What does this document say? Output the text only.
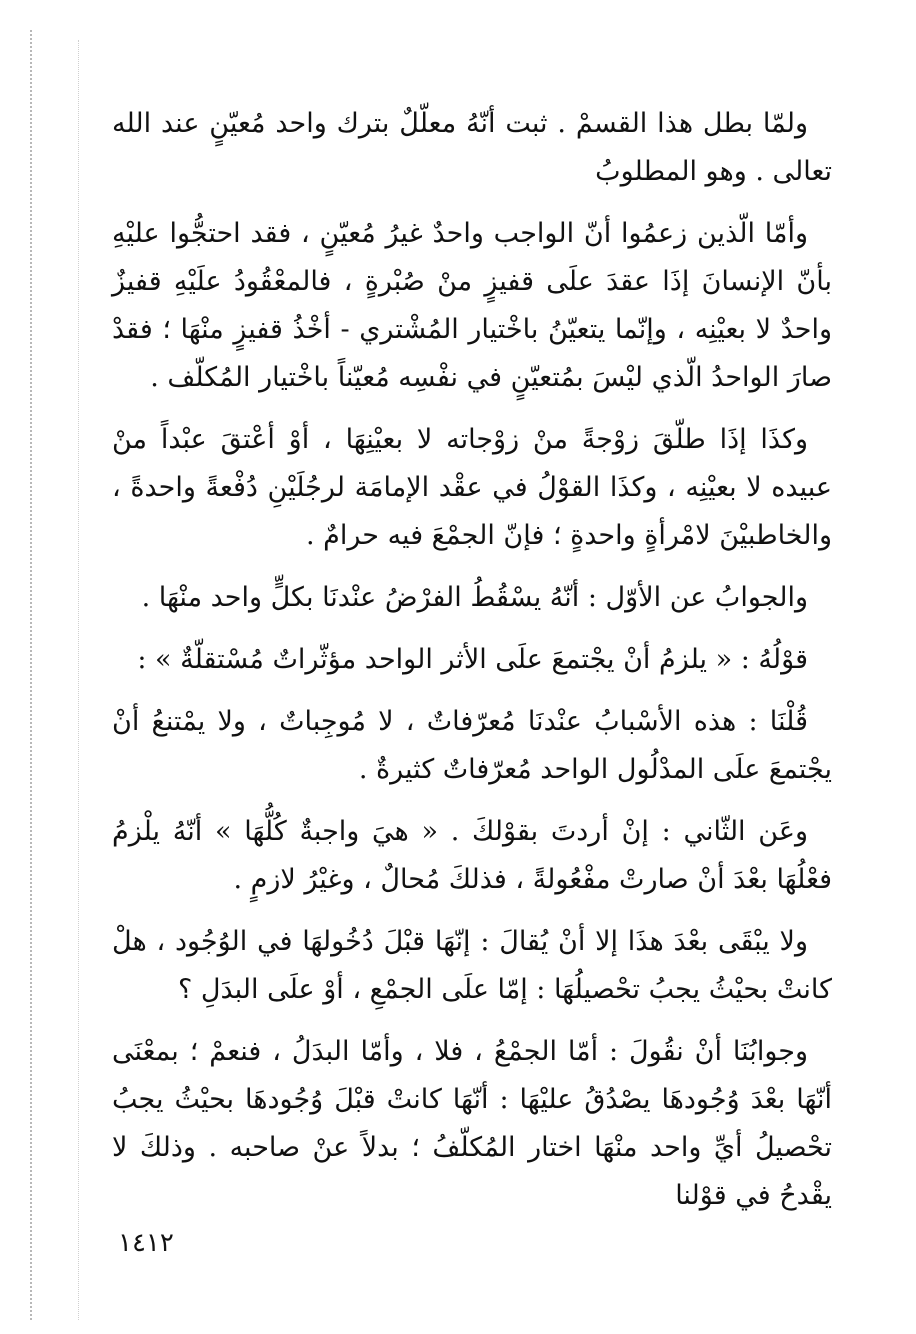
ولمّا بطل هذا القسمْ . ثبت أنّهُ معلّلٌ بترك واحد مُعيّنٍ عند الله تعالى . وهو المطلوبُ

وأمّا الّذين زعمُوا أنّ الواجب واحدٌ غيرُ مُعيّنٍ ، فقد احتجُّوا عليْهِ بأنّ الإنسانَ إذَا عقدَ علَى قفيزٍ منْ صُبْرةٍ ، فالمعْقُودُ علَيْهِ قفيزٌ واحدٌ لا بعيْنِه ، وإنّما يتعيّنُ باخْتيار المُشْتري - أخْذُ قفيزٍ منْهَا ؛ فقدْ صارَ الواحدُ الّذي ليْسَ بمُتعيّنٍ في نفْسِه مُعيّناً باخْتيار المُكلّف .

وكذَا إذَا طلّقَ زوْجةً منْ زوْجاته لا بعيْنِهَا ، أوْ أعْتقَ عبْداً منْ عبيده لا بعيْنِه ، وكذَا القوْلُ في عقْد الإمامَة لرجُلَيْنِ دُفْعةً واحدةً ، والخاطبيْنَ لامْرأةٍ واحدةٍ ؛ فإنّ الجمْعَ فيه حرامٌ .

والجوابُ عن الأوّل : أنّهُ يسْقُطُ الفرْضُ عنْدنَا بكلٍّ واحد منْهَا .

قوْلُهُ : « يلزمُ أنْ يجْتمعَ علَى الأثر الواحد مؤثّراتٌ مُسْتقلّةٌ » :

قُلْنَا : هذه الأسْبابُ عنْدنَا مُعرّفاتٌ ، لا مُوجِباتٌ ، ولا يمْتنعُ أنْ يجْتمعَ علَى المدْلُول الواحد مُعرّفاتٌ كثيرةٌ .

وعَن الثّاني : إنْ أردتَ بقوْلكَ . « هيَ واجبةٌ كُلُّهَا » أنّهُ يلْزمُ فعْلُهَا بعْدَ أنْ صارتْ مفْعُولةً ، فذلكَ مُحالٌ ، وغيْرُ لازمٍ .

ولا يبْقَى بعْدَ هذَا إلا أنْ يُقالَ : إنّهَا قبْلَ دُخُولهَا في الوُجُود ، هلْ كانتْ بحيْثُ يجبُ تحْصيلُهَا : إمّا علَى الجمْعِ ، أوْ علَى البدَلِ ؟

وجوابُنَا أنْ نقُولَ : أمّا الجمْعُ ، فلا ، وأمّا البدَلُ ، فنعمْ ؛ بمعْنَى أنّهَا بعْدَ وُجُودهَا يصْدُقُ عليْهَا : أنّهَا كانتْ قبْلَ وُجُودهَا بحيْثُ يجبُ تحْصيلُ أيِّ واحد منْهَا اختار المُكلّفُ ؛ بدلاً عنْ صاحبه . وذلكَ لا يقْدحُ في قوْلنا

١٤١٢
